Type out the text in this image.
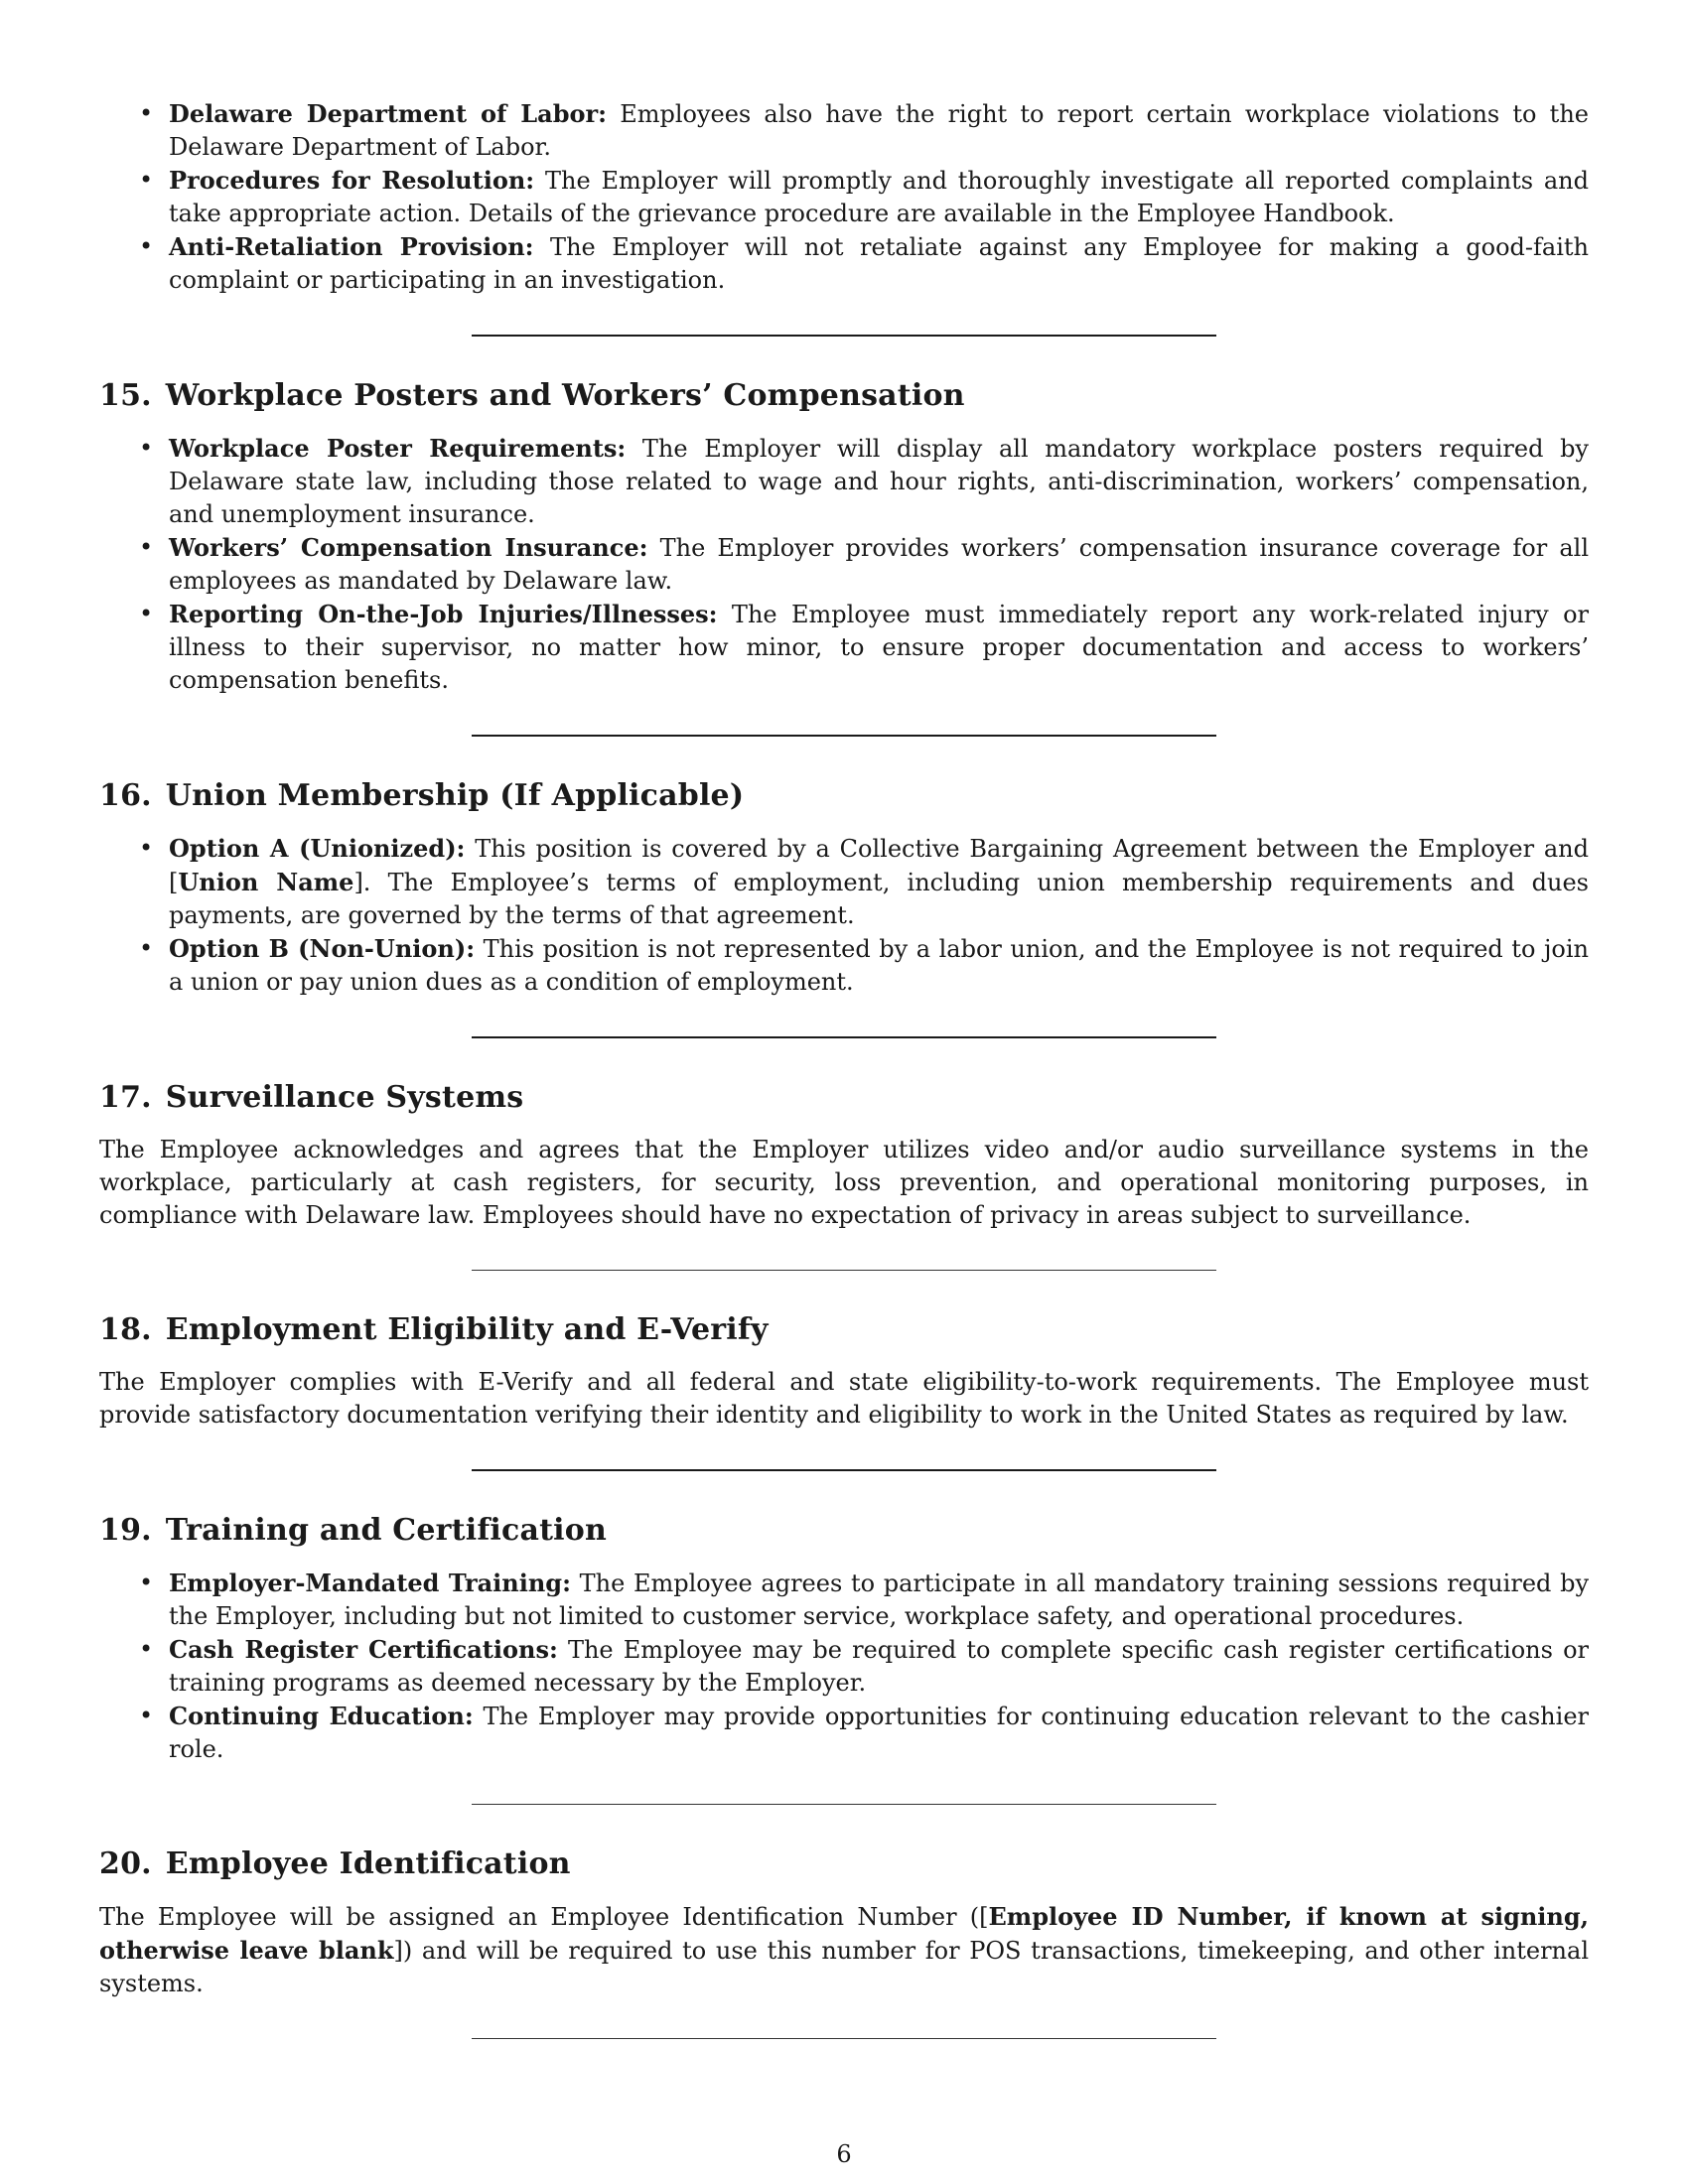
• Delaware Department of Labor: Employees also have the right to report certain workplace violations to the Delaware Department of Labor.
• Procedures for Resolution: The Employer will promptly and thoroughly investigate all reported complaints and take appropriate action. Details of the grievance procedure are available in the Employee Handbook.
• Anti-Retaliation Provision: The Employer will not retaliate against any Employee for making a good-faith complaint or participating in an investigation.
15. Workplace Posters and Workers’ Compensation
• Workplace Poster Requirements: The Employer will display all mandatory workplace posters required by Delaware state law, including those related to wage and hour rights, anti-discrimination, workers’ compensation, and unemployment insurance.
• Workers’ Compensation Insurance: The Employer provides workers’ compensation insurance coverage for all employees as mandated by Delaware law.
• Reporting On-the-Job Injuries/Illnesses: The Employee must immediately report any work-related injury or illness to their supervisor, no matter how minor, to ensure proper documentation and access to workers’ compensation benefits.
16. Union Membership (If Applicable)
• Option A (Unionized): This position is covered by a Collective Bargaining Agreement between the Employer and [Union Name]. The Employee’s terms of employment, including union membership requirements and dues payments, are governed by the terms of that agreement.
• Option B (Non-Union): This position is not represented by a labor union, and the Employee is not required to join a union or pay union dues as a condition of employment.
17. Surveillance Systems

The Employee acknowledges and agrees that the Employer utilizes video and/or audio surveillance systems in the workplace, particularly at cash registers, for security, loss prevention, and operational monitoring purposes, in compliance with Delaware law. Employees should have no expectation of privacy in areas subject to surveillance.

18. Employment Eligibility and E-Verify

The Employer complies with E-Verify and all federal and state eligibility-to-work requirements. The Employee must provide satisfactory documentation verifying their identity and eligibility to work in the United States as required by law.

19. Training and Certification
• Employer-Mandated Training: The Employee agrees to participate in all mandatory training sessions required by the Employer, including but not limited to customer service, workplace safety, and operational procedures.
• Cash Register Certifications: The Employee may be required to complete specific cash register certifications or training programs as deemed necessary by the Employer.
• Continuing Education: The Employer may provide opportunities for continuing education relevant to the cashier role.
20. Employee Identification

The Employee will be assigned an Employee Identification Number ([Employee ID Number, if known at signing, otherwise leave blank]) and will be required to use this number for POS transactions, timekeeping, and other internal systems.

6
